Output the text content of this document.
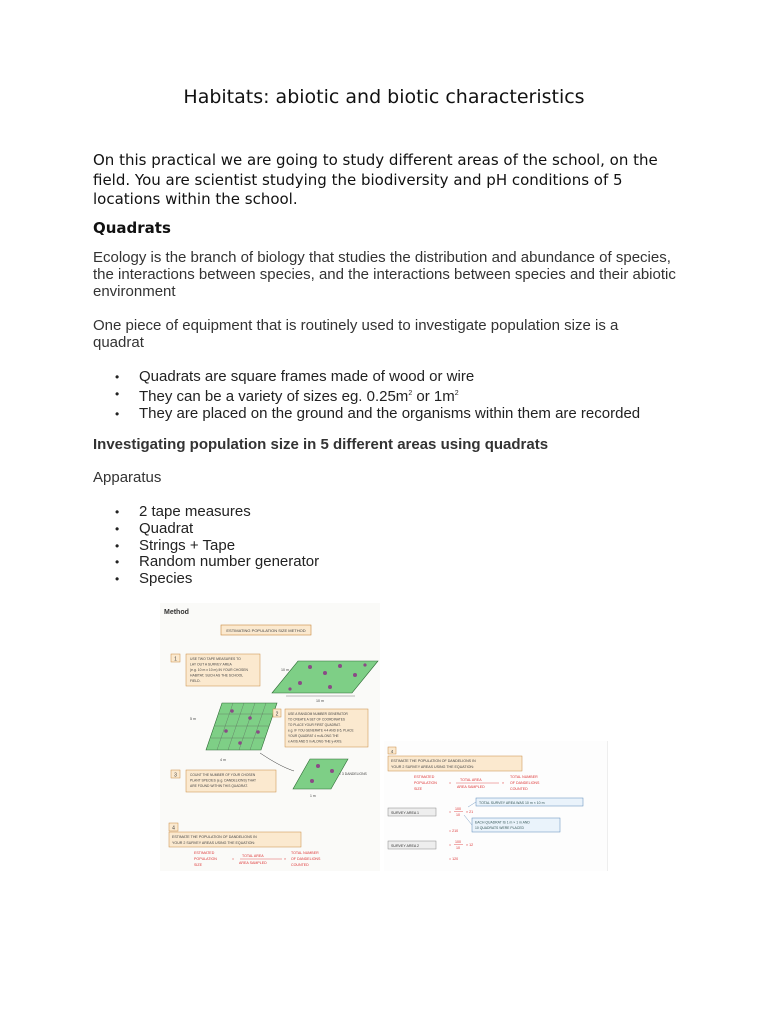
Habitats: abiotic and biotic characteristics
On this practical we are going to study different areas of the school, on the field. You are scientist studying the biodiversity and pH conditions of 5 locations within the school.
Quadrats
Ecology is the branch of biology that studies the distribution and abundance of species, the interactions between species, and the interactions between species and their abiotic environment
One piece of equipment that is routinely used to investigate population size is a quadrat
• Quadrats are square frames made of wood or wire
• They can be a variety of sizes eg. $0.25m^2$ or $1m^2$
• They are placed on the ground and the organisms within them are recorded
Investigating population size in 5 different areas using quadrats
Apparatus
• 2 tape measures
• Quadrat
• Strings + Tape
• Random number generator
• Species
Method
ESTIMATING POPULATION SIZE METHOD
1	USE TWO TAPE MEASURES TO
LAY OUT A SURVEY AREA
(e.g. 10 m x 10 m) IN YOUR CHOSEN
HABITAT, SUCH AS THE SCHOOL
FIELD.
10 m
10 m
5 m
4 m
2	USE A RANDOM NUMBER GENERATOR
TO CREATE A SET OF COORDINATES
TO PLACE YOUR FIRST QUADRAT.
e.g. IF YOU GENERATE 4-4 AND 8-5, PLACE
YOUR QUADRAT 4 m ALONG THE
x-AXIS AND 5 m ALONG THE y-AXIS.
= 3 DANDELIONS
1 m
3	COUNT THE NUMBER OF YOUR CHOSEN
PLANT SPECIES (e.g. DANDELIONS) THAT
ARE FOUND WITHIN THIS QUADRAT.
4
ESTIMATE THE POPULATION OF DANDELIONS IN
YOUR 2 SURVEY AREAS USING THE EQUATION:
ESTIMATED
POPULATION
SIZE
=
TOTAL AREA
AREA SAMPLED
×
TOTAL NUMBER
OF DANDELIONS
COUNTED
4
ESTIMATE THE POPULATION OF DANDELIONS IN
YOUR 2 SURVEY AREAS USING THE EQUATION:
ESTIMATED
POPULATION
SIZE
=
TOTAL AREA
AREA SAMPLED
×
TOTAL NUMBER
OF DANDELIONS
COUNTED
TOTAL SURVEY AREA WAS 10 m × 10 m
SURVEY AREA 1	=
100
10
× 21
= 210
EACH QUADRAT IS 1 m × 1 m AND
10 QUADRATS WERE PLACED
SURVEY AREA 2	=
100
10
× 12
= 120
